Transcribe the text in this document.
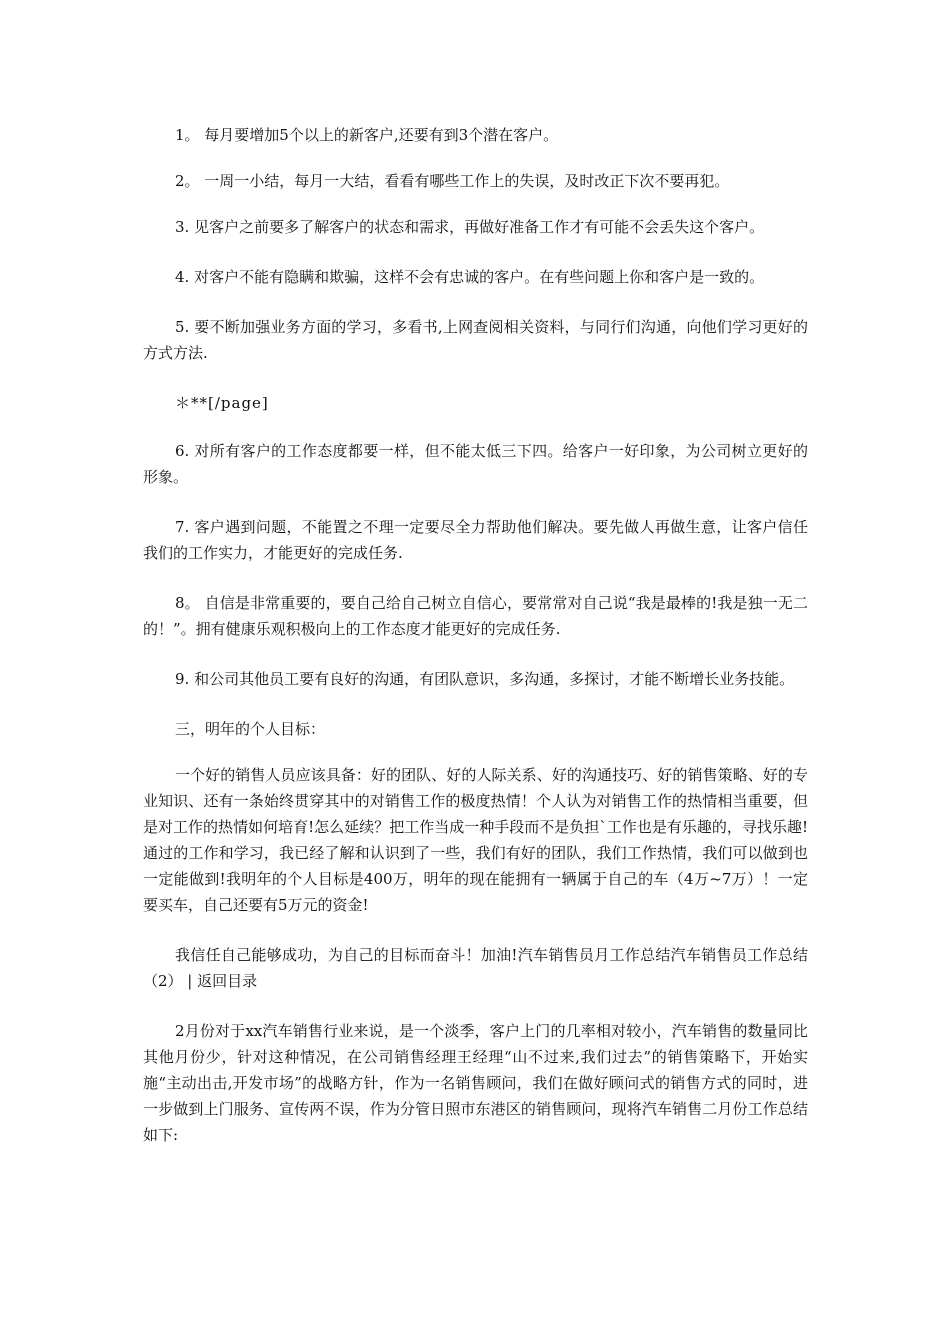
1。 每月要增加5个以上的新客户,还要有到3个潜在客户。

2。 一周一小结，每月一大结，看看有哪些工作上的失误，及时改正下次不要再犯。

3. 见客户之前要多了解客户的状态和需求，再做好准备工作才有可能不会丢失这个客户。

4. 对客户不能有隐瞒和欺骗，这样不会有忠诚的客户。在有些问题上你和客户是一致的。

5. 要不断加强业务方面的学习，多看书,上网查阅相关资料，与同行们沟通，向他们学习更好的方式方法.

＊**[/page]

6. 对所有客户的工作态度都要一样，但不能太低三下四。给客户一好印象，为公司树立更好的形象。

7. 客户遇到问题，不能置之不理一定要尽全力帮助他们解决。要先做人再做生意，让客户信任我们的工作实力，才能更好的完成任务.

8。 自信是非常重要的，要自己给自己树立自信心，要常常对自己说“我是最棒的!我是独一无二的！”。拥有健康乐观积极向上的工作态度才能更好的完成任务.

9. 和公司其他员工要有良好的沟通，有团队意识，多沟通，多探讨，才能不断增长业务技能。

三，明年的个人目标：

一个好的销售人员应该具备：好的团队、好的人际关系、好的沟通技巧、好的销售策略、好的专业知识、还有一条始终贯穿其中的对销售工作的极度热情！个人认为对销售工作的热情相当重要，但是对工作的热情如何培育!怎么延续？把工作当成一种手段而不是负担`工作也是有乐趣的，寻找乐趣!通过的工作和学习，我已经了解和认识到了一些，我们有好的团队，我们工作热情，我们可以做到也一定能做到!我明年的个人目标是400万，明年的现在能拥有一辆属于自己的车（4万~7万）！一定要买车，自己还要有5万元的资金!

我信任自己能够成功，为自己的目标而奋斗！加油!汽车销售员月工作总结汽车销售员工作总结（2） | 返回目录

2月份对于xx汽车销售行业来说，是一个淡季，客户上门的几率相对较小，汽车销售的数量同比其他月份少，针对这种情况，在公司销售经理王经理“山不过来,我们过去”的销售策略下，开始实施“主动出击,开发市场”的战略方针，作为一名销售顾问，我们在做好顾问式的销售方式的同时，进一步做到上门服务、宣传两不误，作为分管日照市东港区的销售顾问，现将汽车销售二月份工作总结如下:
